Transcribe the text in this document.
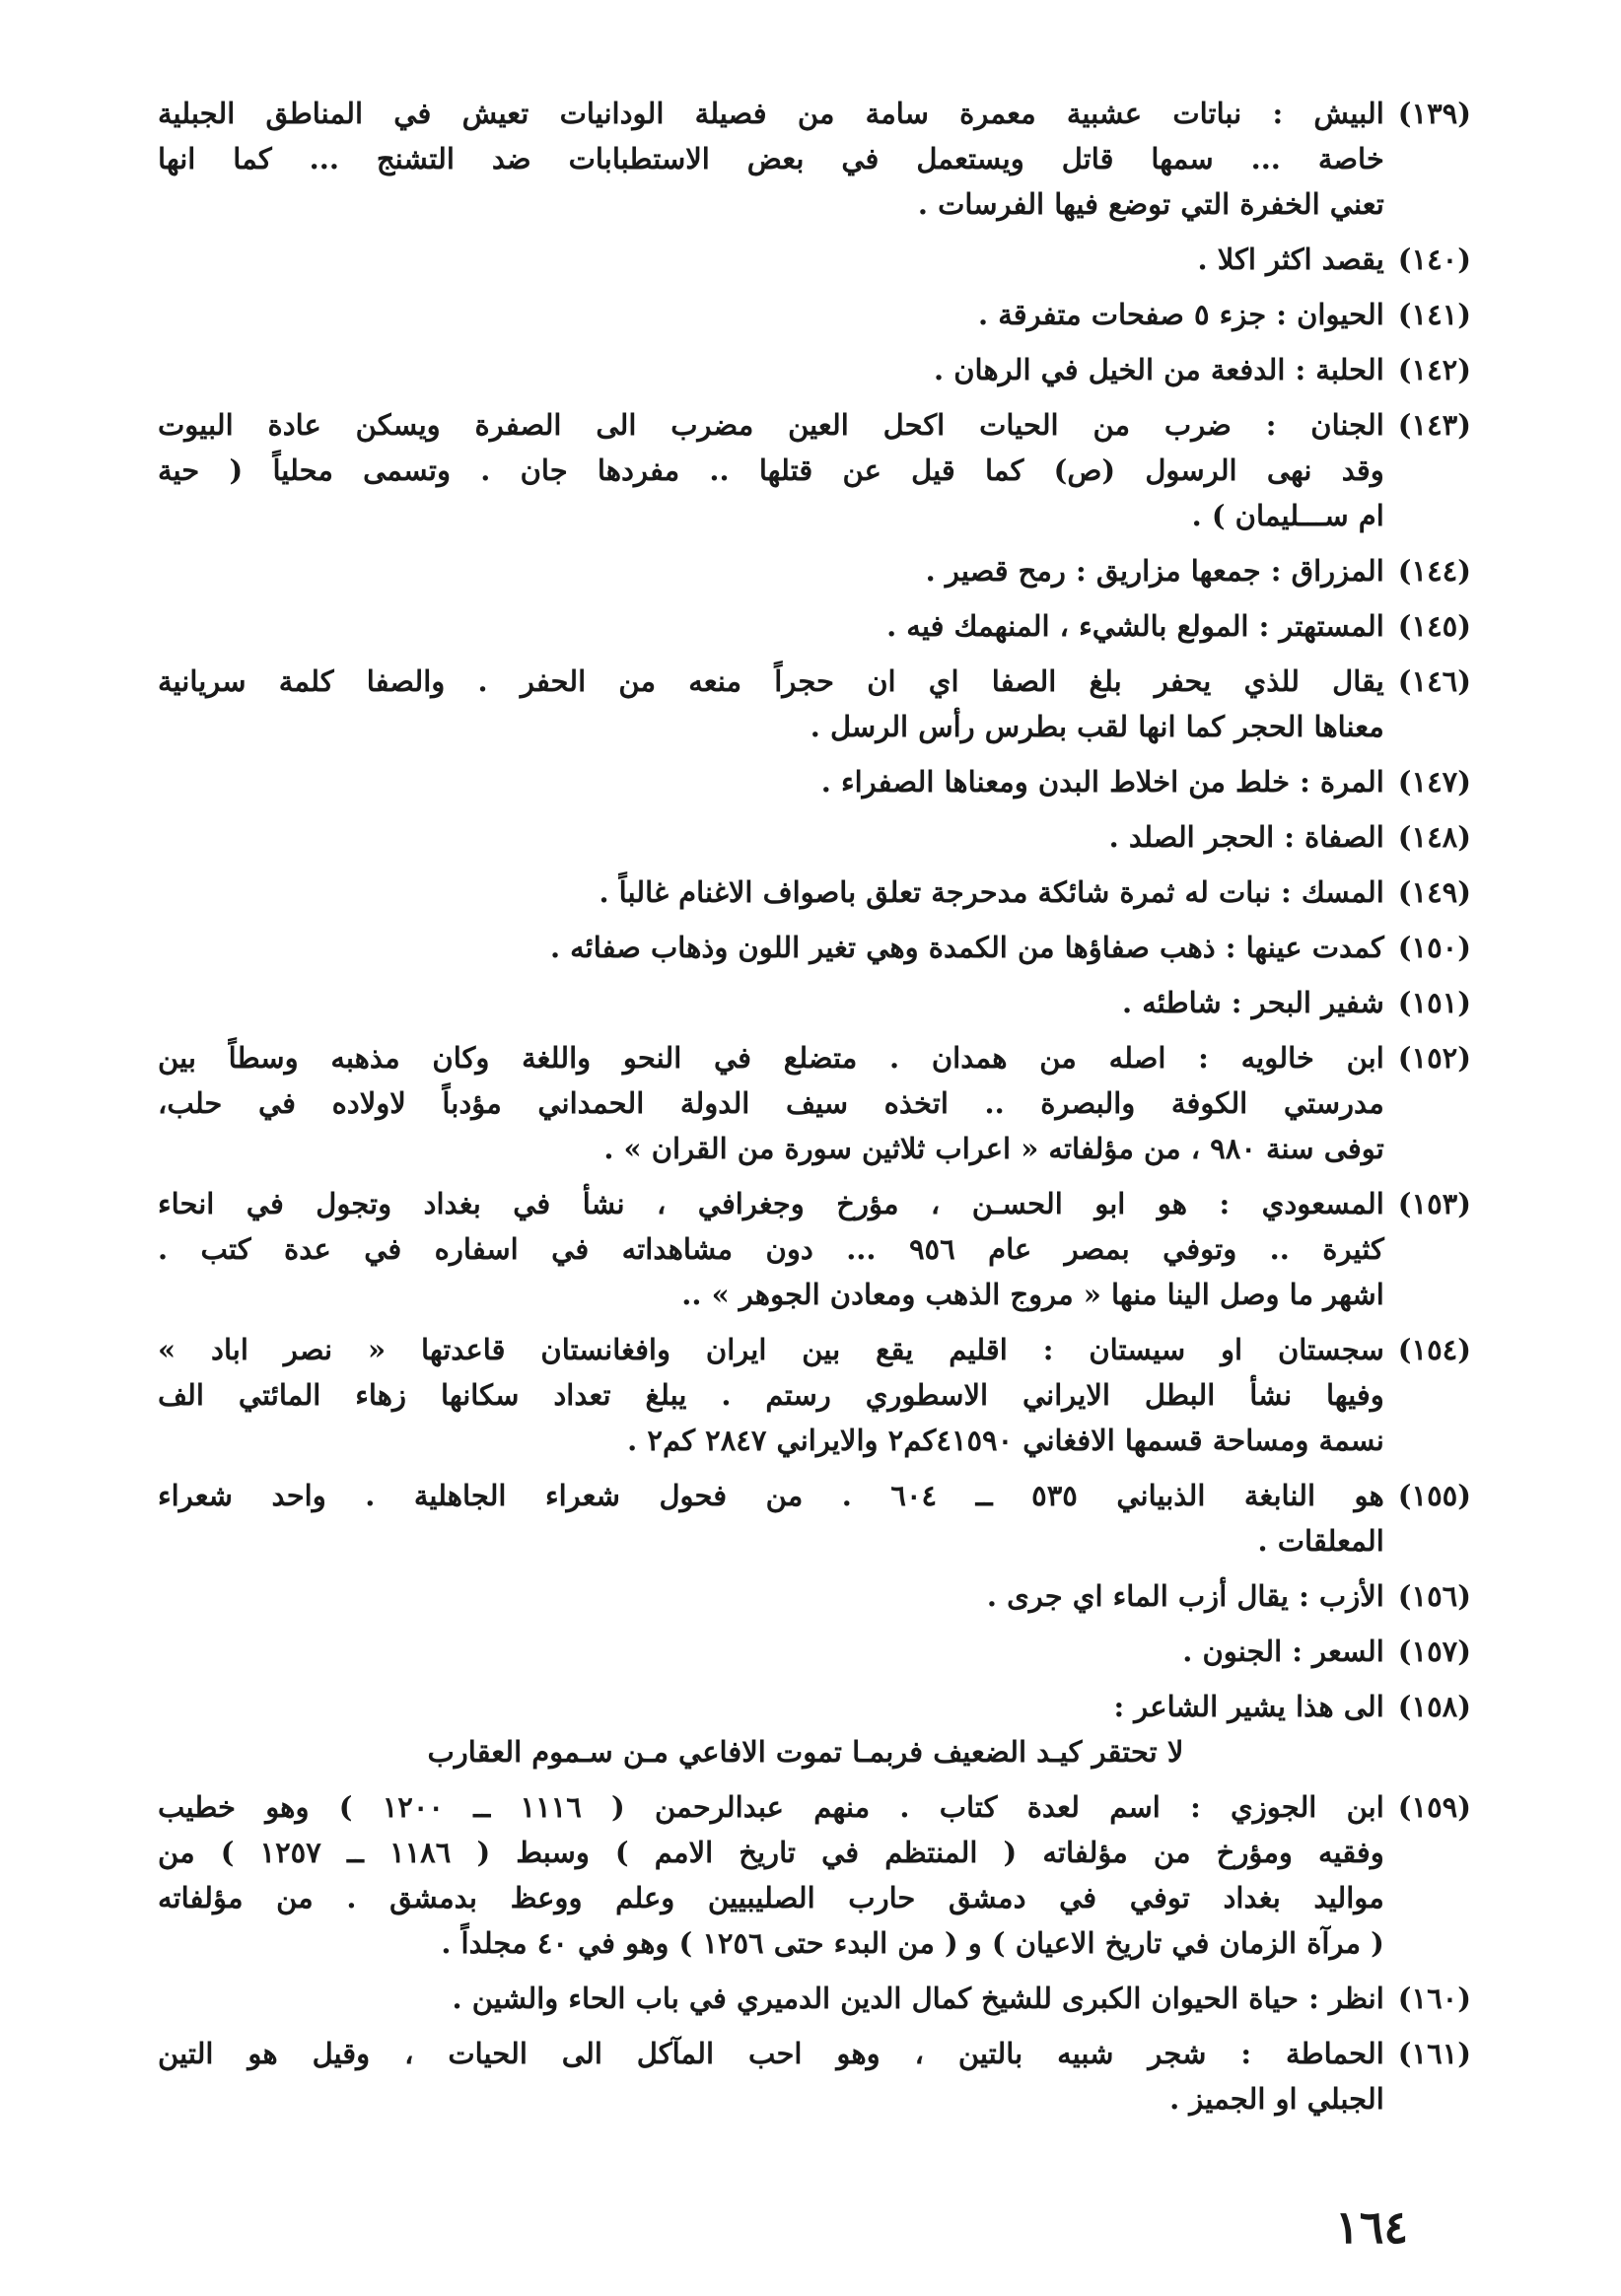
(١٣٩)
البيش : نباتات عشبية معمرة سامة من فصيلة الودانيات تعيش في المناطق الجبلية
خاصة ... سمها قاتل ويستعمل في بعض الاستطبابات ضد التشنج ... كما انها
تعني الخفرة التي توضع فيها الفرسات .
(١٤٠)
يقصد اكثر اكلا .
(١٤١)
الحيوان : جزء ٥ صفحات متفرقة .
(١٤٢)
الحلبة : الدفعة من الخيل في الرهان .
(١٤٣)
الجنان : ضرب من الحيات اكحل العين مضرب الى الصفرة ويسكن عادة البيوت
وقد نهى الرسول (ص) كما قيل عن قتلها .. مفردها جان . وتسمى محلياً ( حية
ام ســـليمان ) .
(١٤٤)
المزراق : جمعها مزاريق : رمح قصير .
(١٤٥)
المستهتر : المولع بالشيء ، المنهمك فيه .
(١٤٦)
يقال للذي يحفر بلغ الصفا اي ان حجراً منعه من الحفر . والصفا كلمة سريانية
معناها الحجر كما انها لقب بطرس رأس الرسل .
(١٤٧)
المرة : خلط من اخلاط البدن ومعناها الصفراء .
(١٤٨)
الصفاة : الحجر الصلد .
(١٤٩)
المسك : نبات له ثمرة شائكة مدحرجة تعلق باصواف الاغنام غالباً .
(١٥٠)
كمدت عينها : ذهب صفاؤها من الكمدة وهي تغير اللون وذهاب صفائه .
(١٥١)
شفير البحر : شاطئه .
(١٥٢)
ابن خالويه : اصله من همدان . متضلع في النحو واللغة وكان مذهبه وسطاً بين
مدرستي الكوفة والبصرة .. اتخذه سيف الدولة الحمداني مؤدباً لاولاده في حلب،
توفى سنة ٩٨٠ ، من مؤلفاته « اعراب ثلاثين سورة من القران » .
(١٥٣)
المسعودي : هو ابو الحسـن ، مؤرخ وجغرافي ، نشأ في بغداد وتجول في انحاء
كثيرة .. وتوفي بمصر عام ٩٥٦ ... دون مشاهداته في اسفاره في عدة كتب .
اشهر ما وصل الينا منها « مروج الذهب ومعادن الجوهر » ..
(١٥٤)
سجستان او سيستان : اقليم يقع بين ايران وافغانستان قاعدتها « نصر اباد »
وفيها نشأ البطل الايراني الاسطوري رستم . يبلغ تعداد سكانها زهاء المائتي الف
نسمة ومساحة قسمها الافغاني ٤١٥٩٠كم٢ والايراني ٢٨٤٧ كم٢ .
(١٥٥)
هو النابغة الذبياني ٥٣٥ ــ ٦٠٤ . من فحول شعراء الجاهلية . واحد شعراء
المعلقات .
(١٥٦)
الأزب : يقال أزب الماء اي جرى .
(١٥٧)
السعر : الجنون .
(١٥٨)
الى هذا يشير الشاعر :
لا تحتقر كيـد الضعيف فربمـا تموت الافاعي مـن سـموم العقارب
(١٥٩)
ابن الجوزي : اسم لعدة كتاب . منهم عبدالرحمن ( ١١١٦ ــ ١٢٠٠ ) وهو خطيب
وفقيه ومؤرخ من مؤلفاته ( المنتظم في تاريخ الامم ) وسبط ( ١١٨٦ ــ ١٢٥٧ ) من
مواليد بغداد توفي في دمشق حارب الصليبيين وعلم ووعظ بدمشق . من مؤلفاته
( مرآة الزمان في تاريخ الاعيان ) و ( من البدء حتى ١٢٥٦ ) وهو في ٤٠ مجلداً .
(١٦٠)
انظر : حياة الحيوان الكبرى للشيخ كمال الدين الدميري في باب الحاء والشين .
(١٦١)
الحماطة : شجر شبيه بالتين ، وهو احب المآكل الى الحيات ، وقيل هو التين
الجبلي او الجميز .
١٦٤
